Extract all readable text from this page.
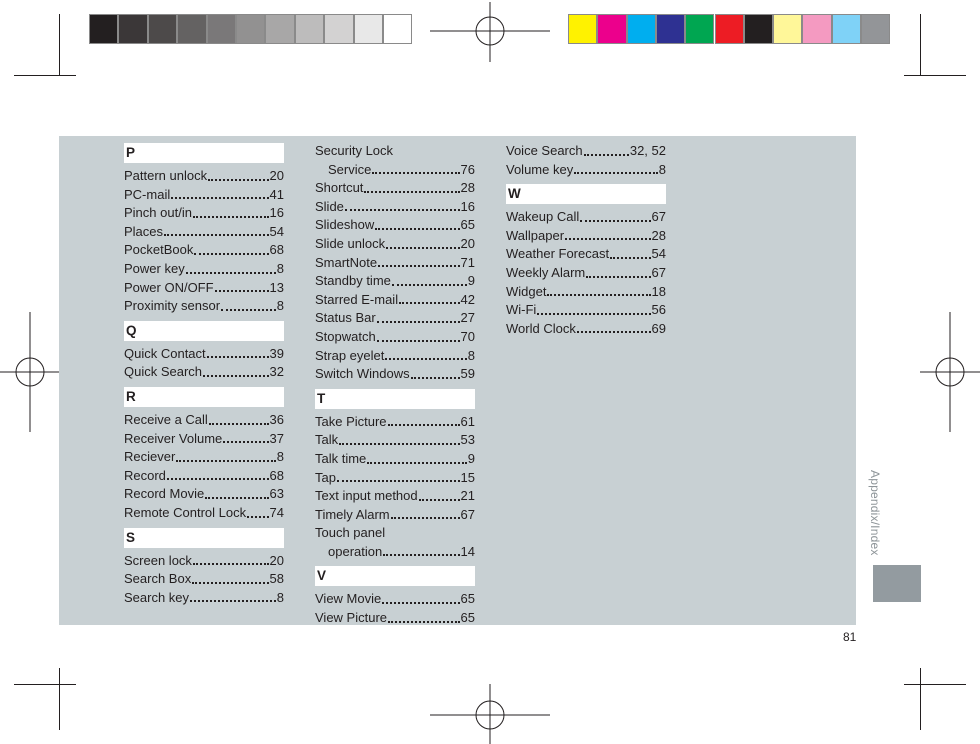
P
Pattern unlock	20
PC-mail	41
Pinch out/in	16
Places	54
PocketBook	68
Power key	8
Power ON/OFF	13
Proximity sensor	8
Q
Quick Contact	39
Quick Search	32
R
Receive a Call	36
Receiver Volume	37
Reciever	8
Record	68
Record Movie	63
Remote Control Lock 74
S
Screen lock	20
Search Box	58
Search key	8
Security Lock
Service	76
Shortcut	28
Slide	16
Slideshow	65
Slide unlock	20
SmartNote	71
Standby time	9
Starred E-mail	42
Status Bar	27
Stopwatch	70
Strap eyelet	8
Switch Windows	59
T
Take Picture	61
Talk	53
Talk time	9
Tap	15
Text input method	21
Timely Alarm	67
Touch panel
operation	14
V
View Movie	65
View Picture	65
Voice Search	32, 52
Volume key	8
W
Wakeup Call	67
Wallpaper	28
Weather Forecast	54
Weekly Alarm	67
Widget	18
Wi-Fi	56
World Clock	69
Appendix/Index
81
